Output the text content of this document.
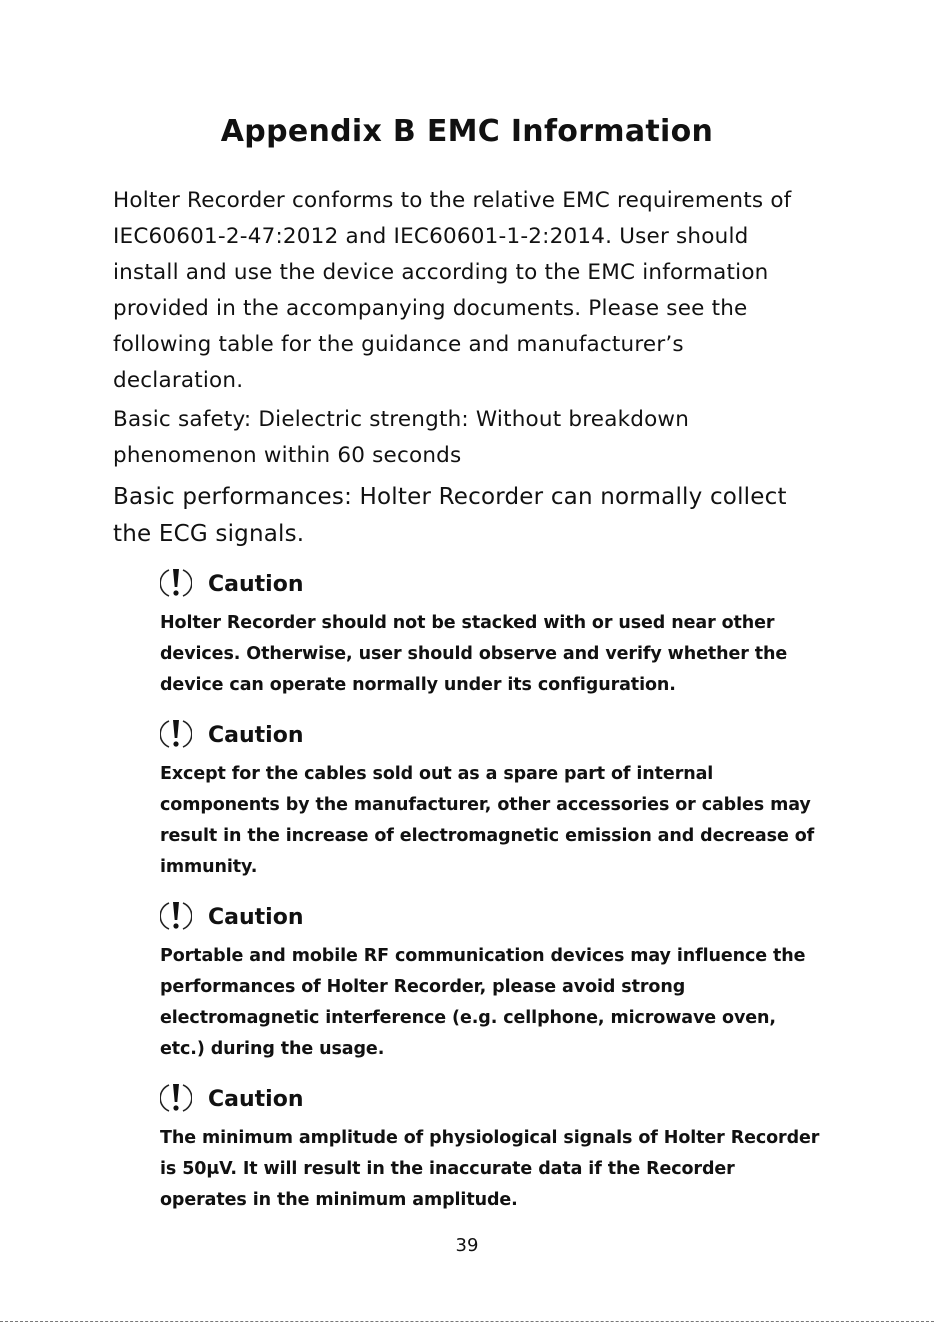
Appendix B EMC Information

Holter Recorder conforms to the relative EMC requirements of IEC60601-2-47:2012 and IEC60601-1-2:2014. User should install and use the device according to the EMC information provided in the accompanying documents. Please see the following table for the guidance and manufacturer’s declaration.

Basic safety: Dielectric strength: Without breakdown phenomenon within 60 seconds

Basic performances: Holter Recorder can normally collect the ECG signals.

Caution

Holter Recorder should not be stacked with or used near other devices. Otherwise, user should observe and verify whether the device can operate normally under its configuration.

Caution

Except for the cables sold out as a spare part of internal components by the manufacturer, other accessories or cables may result in the increase of electromagnetic emission and decrease of immunity.

Caution

Portable and mobile RF communication devices may influence the performances of Holter Recorder, please avoid strong electromagnetic interference (e.g. cellphone, microwave oven, etc.) during the usage.

Caution

The minimum amplitude of physiological signals of Holter Recorder is 50μV. It will result in the inaccurate data if the Recorder operates in the minimum amplitude.

39
